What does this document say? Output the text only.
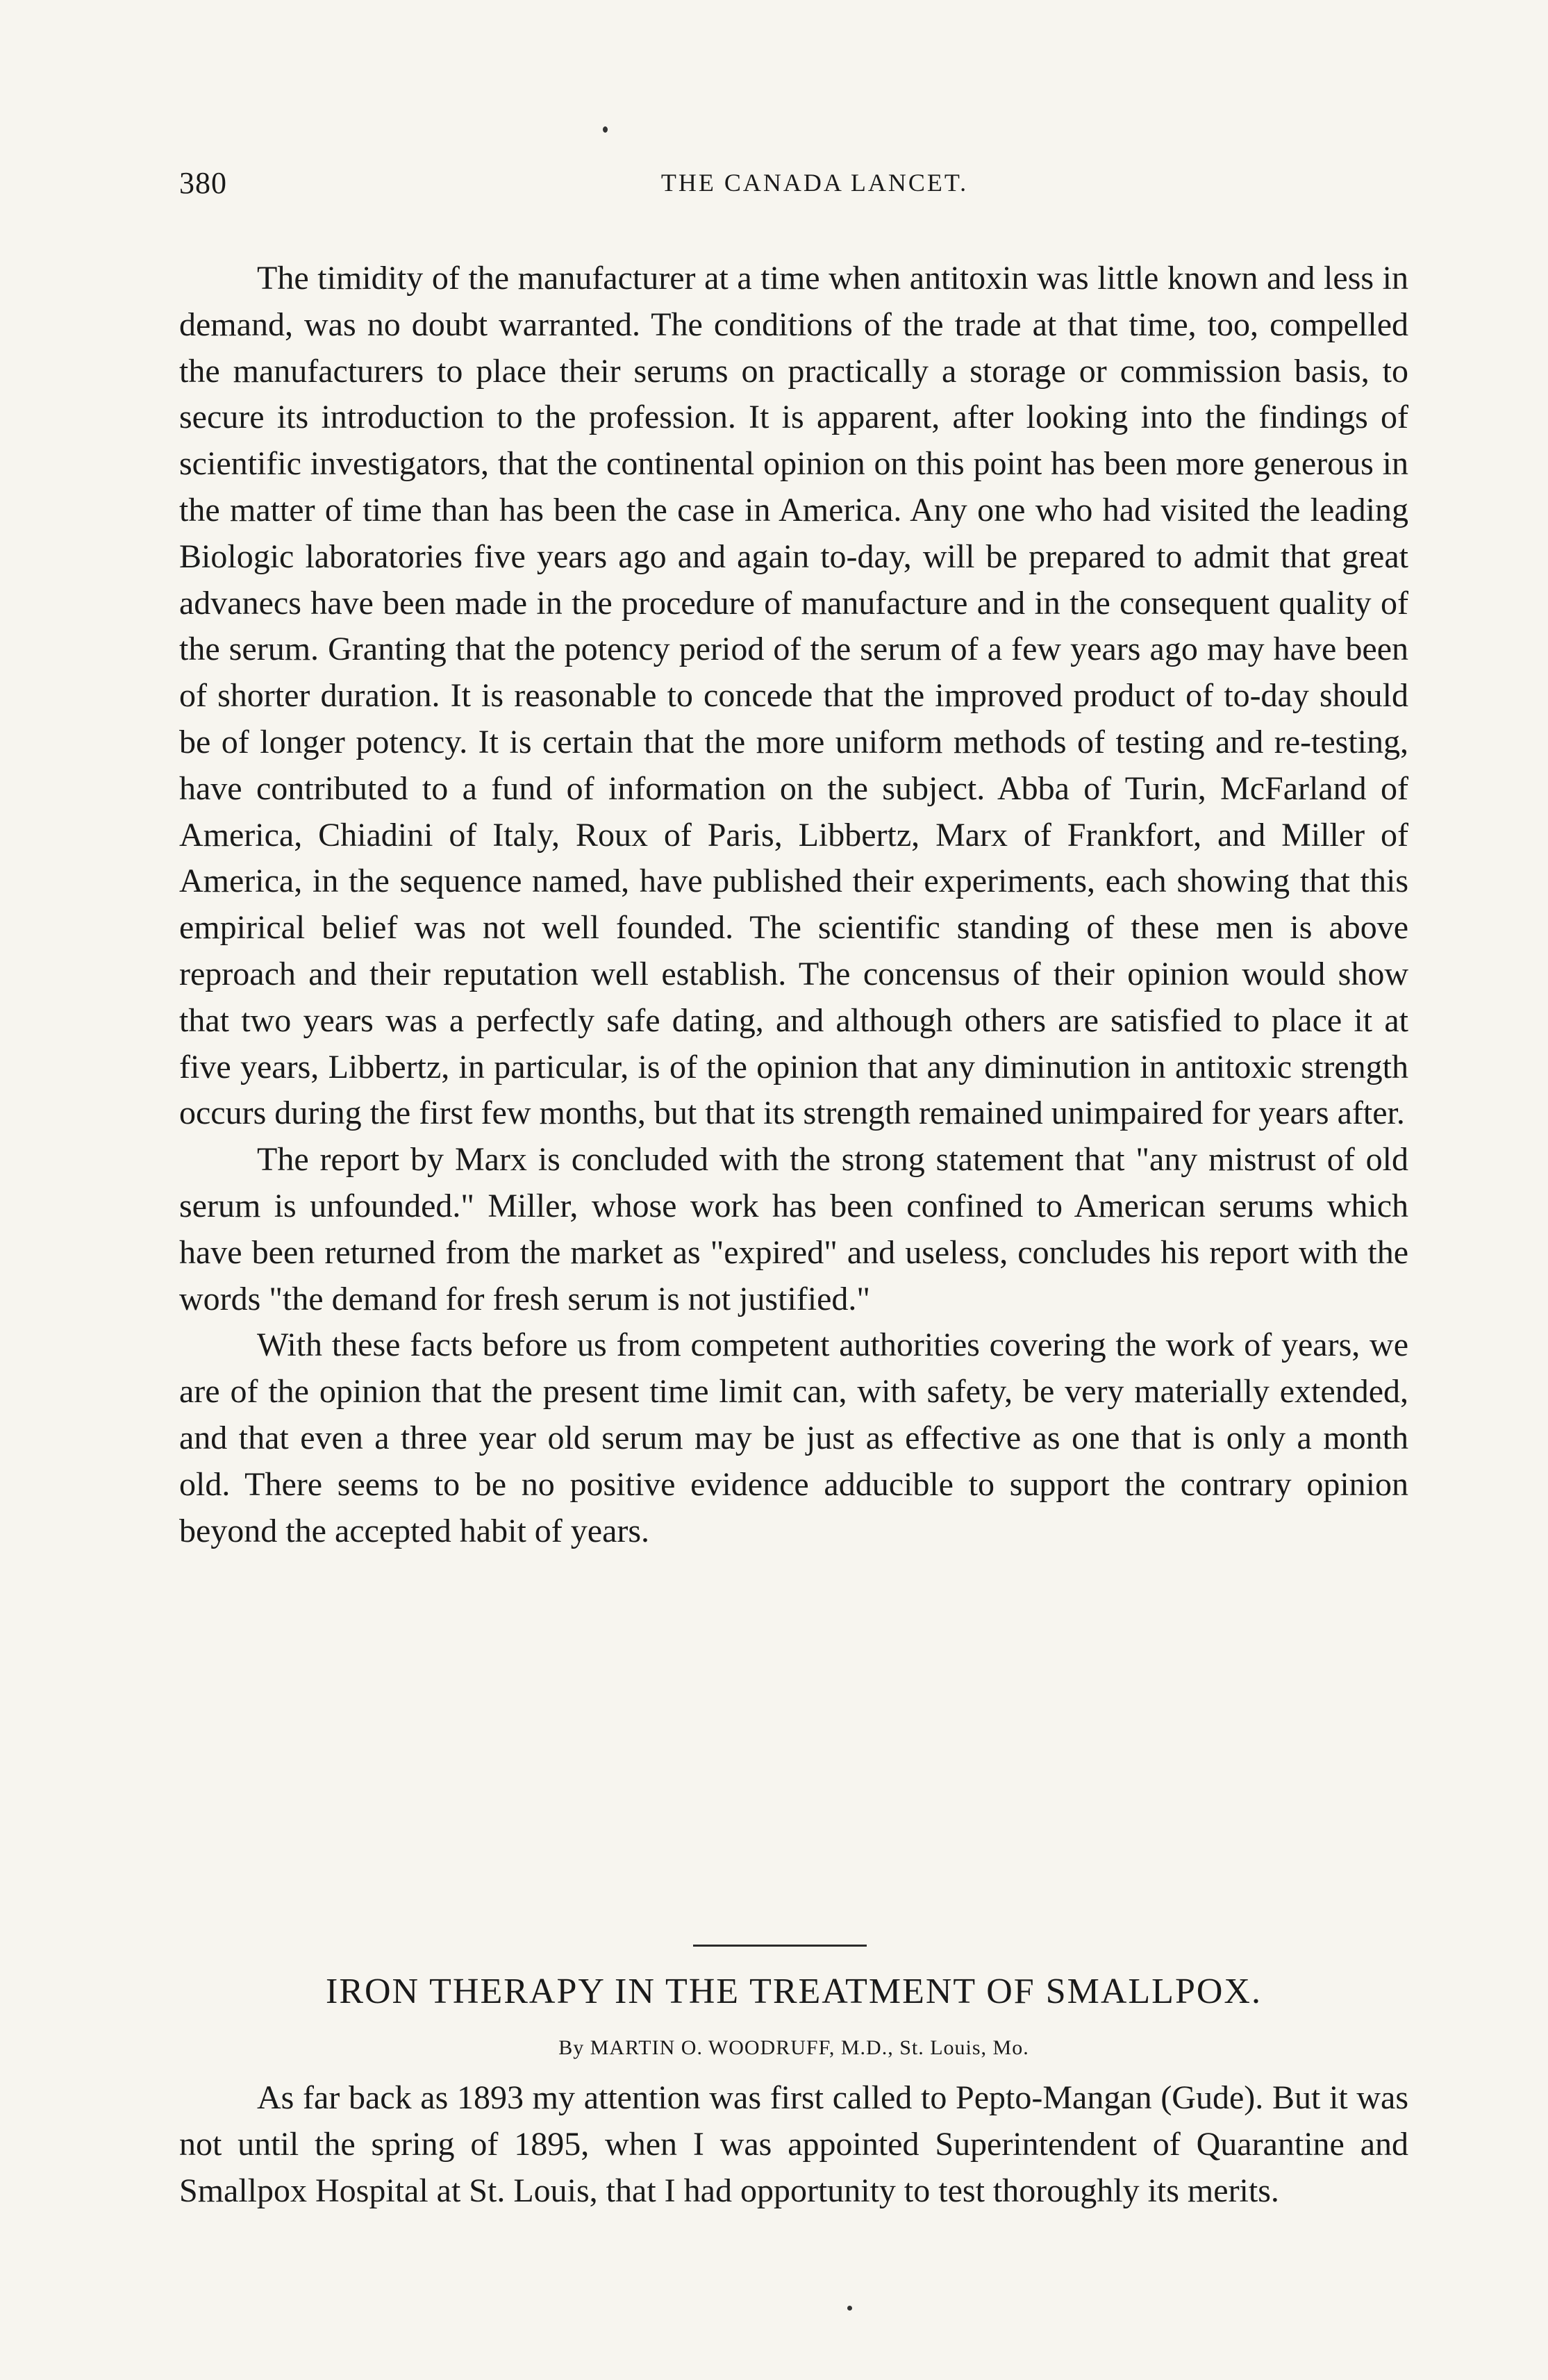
380	THE CANADA LANCET.

The timidity of the manufacturer at a time when antitoxin was little known and less in demand, was no doubt warranted. The conditions of the trade at that time, too, compelled the manufacturers to place their serums on practically a storage or commission basis, to secure its introduction to the profession. It is apparent, after looking into the findings of scientific investigators, that the continental opinion on this point has been more generous in the matter of time than has been the case in America. Any one who had visited the leading Biologic laboratories five years ago and again to-day, will be prepared to admit that great advanecs have been made in the procedure of manufacture and in the consequent quality of the serum. Granting that the potency period of the serum of a few years ago may have been of shorter duration. It is reasonable to concede that the improved product of to-day should be of longer potency. It is certain that the more uniform methods of testing and re-testing, have contributed to a fund of information on the subject. Abba of Turin, McFarland of America, Chiadini of Italy, Roux of Paris, Libbertz, Marx of Frankfort, and Miller of America, in the sequence named, have published their experiments, each showing that this empirical belief was not well founded. The scientific standing of these men is above reproach and their reputation well establish. The concensus of their opinion would show that two years was a perfectly safe dating, and although others are satisfied to place it at five years, Libbertz, in particular, is of the opinion that any diminution in antitoxic strength occurs during the first few months, but that its strength remained unimpaired for years after.

The report by Marx is concluded with the strong statement that "any mistrust of old serum is unfounded." Miller, whose work has been confined to American serums which have been returned from the market as "expired" and useless, concludes his report with the words "the demand for fresh serum is not justified."

With these facts before us from competent authorities covering the work of years, we are of the opinion that the present time limit can, with safety, be very materially extended, and that even a three year old serum may be just as effective as one that is only a month old. There seems to be no positive evidence adducible to support the contrary opinion beyond the accepted habit of years.

IRON THERAPY IN THE TREATMENT OF SMALLPOX.
By MARTIN O. WOODRUFF, M.D., St. Louis, Mo.

As far back as 1893 my attention was first called to Pepto-Mangan (Gude). But it was not until the spring of 1895, when I was appointed Superintendent of Quarantine and Smallpox Hospital at St. Louis, that I had opportunity to test thoroughly its merits.
